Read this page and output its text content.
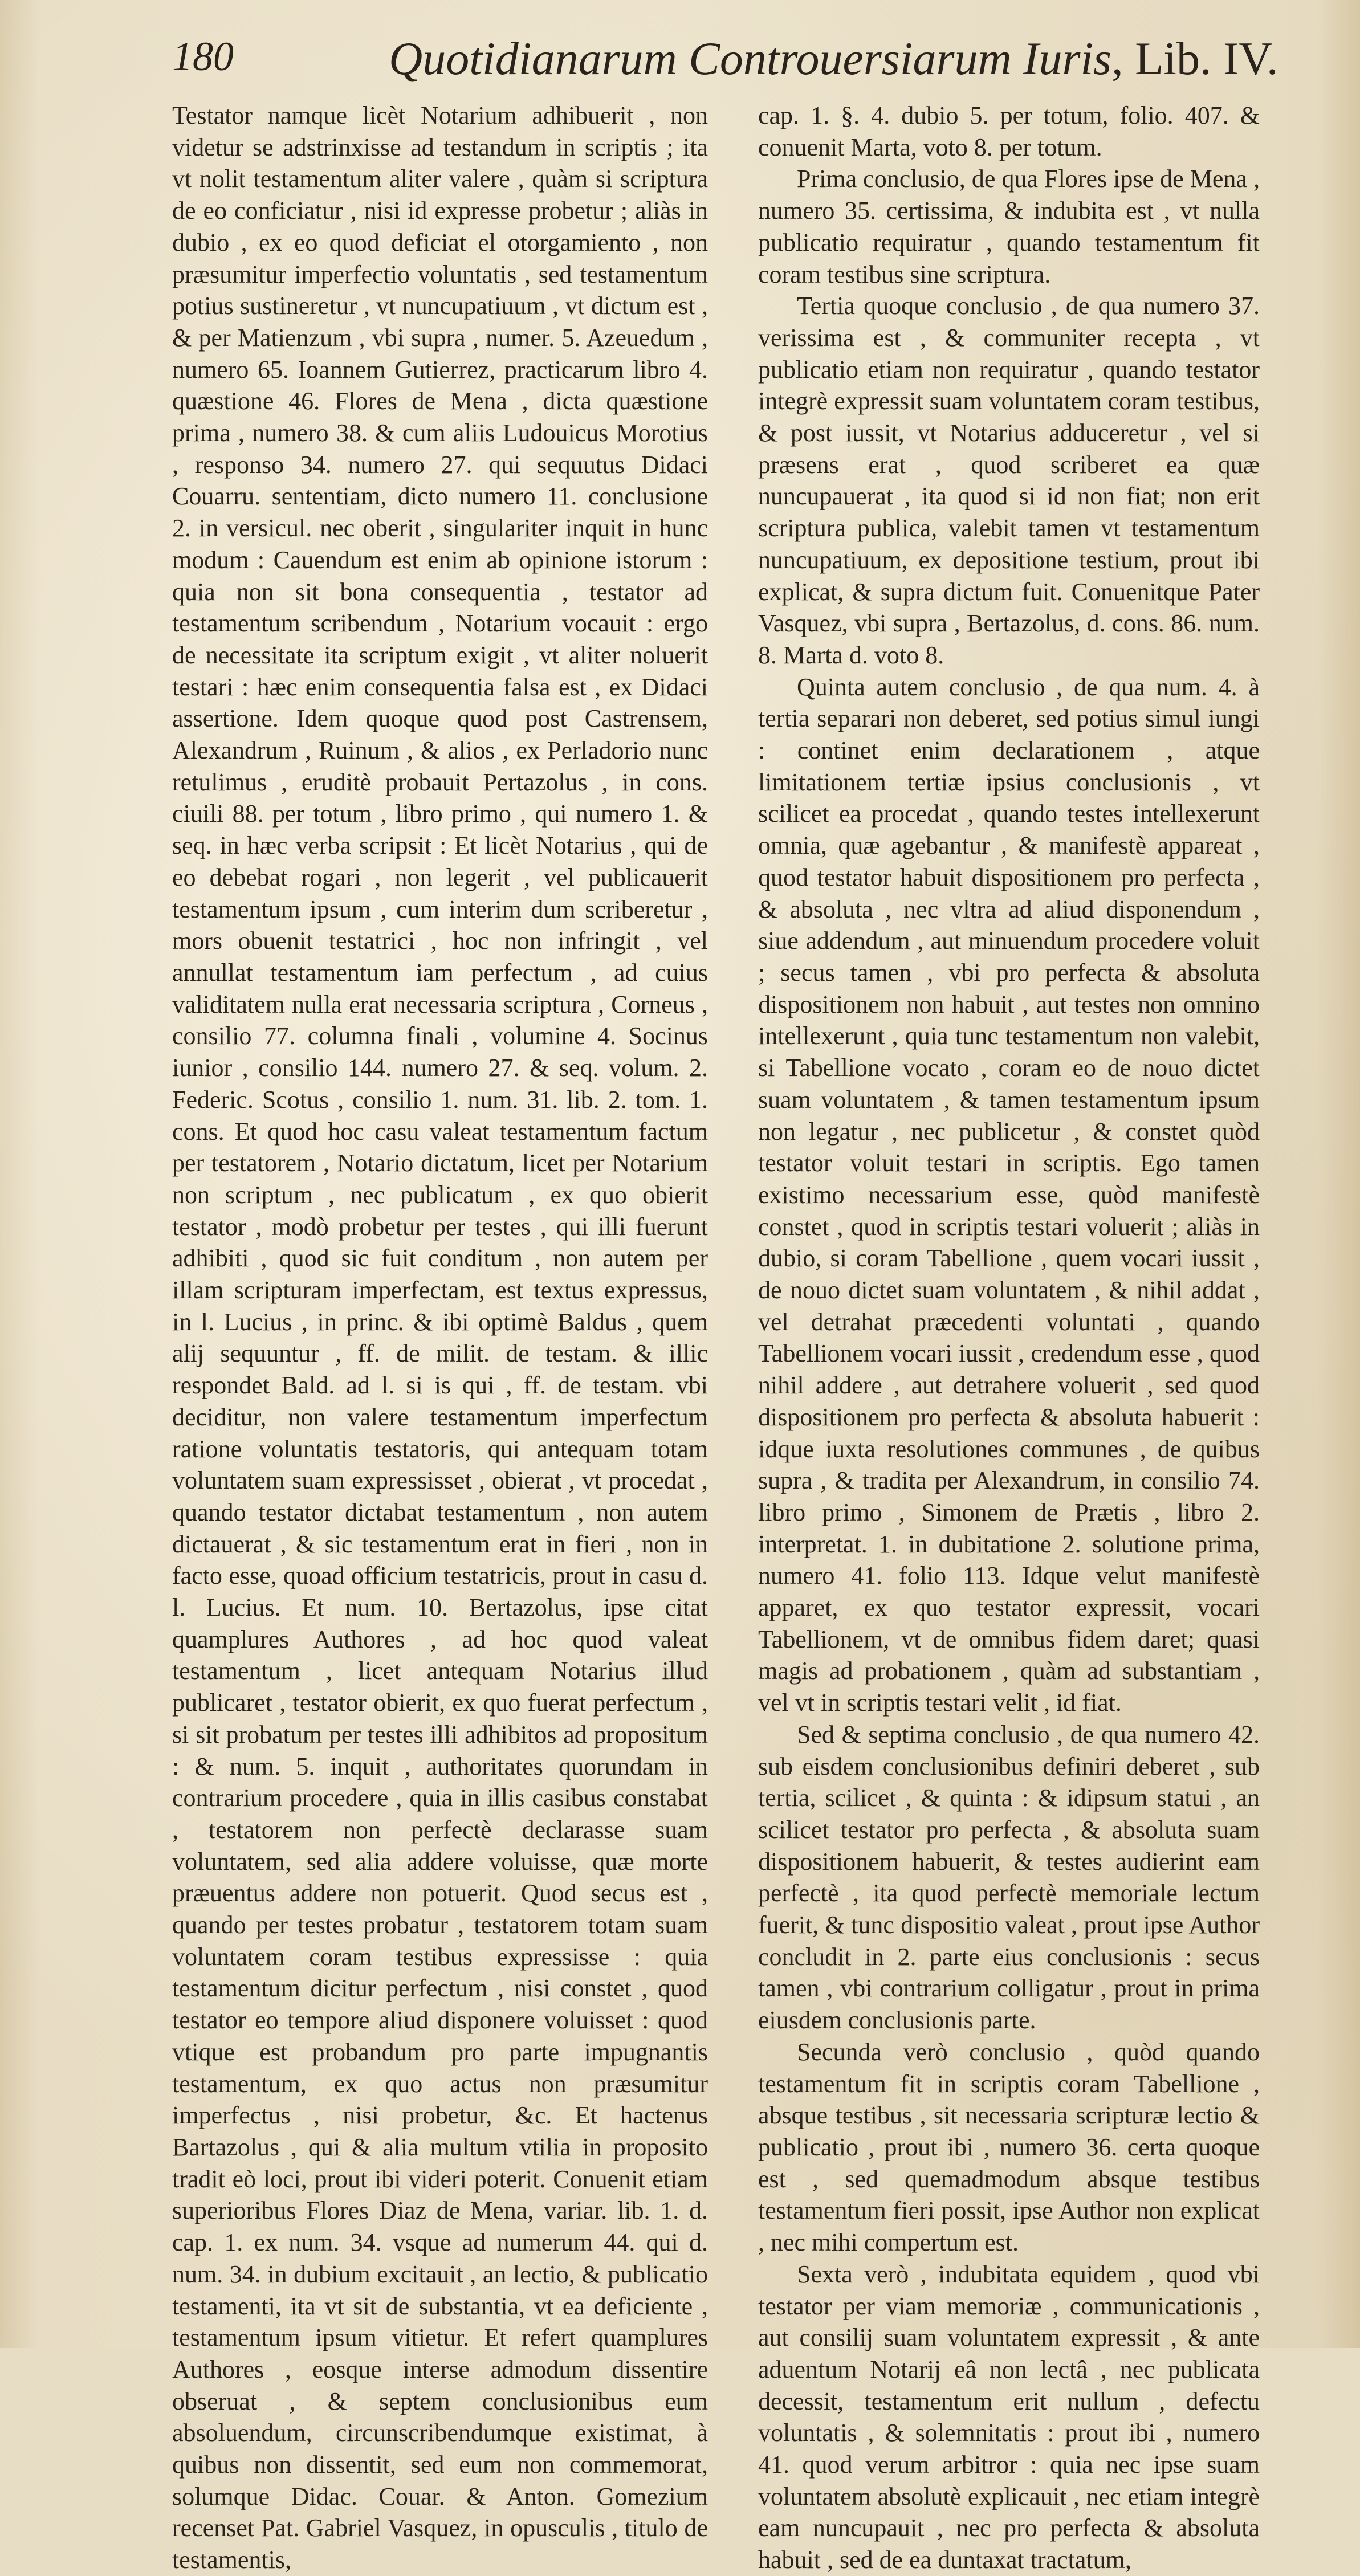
180	Quotidianarum Controuersiarum Iuris, Lib. IV.

Testator namque licèt Notarium adhibuerit , non videtur se adstrinxisse ad testandum in scriptis ; ita vt nolit testamentum aliter valere , quàm si scriptura de eo conficiatur , nisi id expresse probetur ; aliàs in dubio , ex eo quod deficiat el otorgamiento , non præsumitur imperfectio voluntatis , sed testamentum potius sustineretur , vt nuncupatiuum , vt dictum est , & per Matienzum , vbi supra , numer. 5. Azeuedum , numero 65. Ioannem Gutierrez, practicarum libro 4. quæstione 46. Flores de Mena , dicta quæstione prima , numero 38. & cum aliis Ludouicus Morotius , responso 34. numero 27. qui sequutus Didaci Couarru. sententiam, dicto numero 11. conclusione 2. in versicul. nec oberit , singulariter inquit in hunc modum : Cauendum est enim ab opinione istorum : quia non sit bona consequentia , testator ad testamentum scribendum , Notarium vocauit : ergo de necessitate ita scriptum exigit , vt aliter noluerit testari : hæc enim consequentia falsa est , ex Didaci assertione. Idem quoque quod post Castrensem, Alexandrum , Ruinum , & alios , ex Perladorio nunc retulimus , eruditè probauit Pertazolus , in cons. ciuili 88. per totum , libro primo , qui numero 1. & seq. in hæc verba scripsit : Et licèt Notarius , qui de eo debebat rogari , non legerit , vel publicauerit testamentum ipsum , cum interim dum scriberetur , mors obuenit testatrici , hoc non infringit , vel annullat testamentum iam perfectum , ad cuius validitatem nulla erat necessaria scriptura , Corneus , consilio 77. columna finali , volumine 4. Socinus iunior , consilio 144. numero 27. & seq. volum. 2. Federic. Scotus , consilio 1. num. 31. lib. 2. tom. 1. cons. Et quod hoc casu valeat testamentum factum per testatorem , Notario dictatum, licet per Notarium non scriptum , nec publicatum , ex quo obierit testator , modò probetur per testes , qui illi fuerunt adhibiti , quod sic fuit conditum , non autem per illam scripturam imperfectam, est textus expressus, in l. Lucius , in princ. & ibi optimè Baldus , quem alij sequuntur , ff. de milit. de testam. & illic respondet Bald. ad l. si is qui , ff. de testam. vbi deciditur, non valere testamentum imperfectum ratione voluntatis testatoris, qui antequam totam voluntatem suam expressisset , obierat , vt procedat , quando testator dictabat testamentum , non autem dictauerat , & sic testamentum erat in fieri , non in facto esse, quoad officium testatricis, prout in casu d. l. Lucius. Et num. 10. Bertazolus, ipse citat quamplures Authores , ad hoc quod valeat testamentum , licet antequam Notarius illud publicaret , testator obierit, ex quo fuerat perfectum , si sit probatum per testes illi adhibitos ad propositum : & num. 5. inquit , authoritates quorundam in contrarium procedere , quia in illis casibus constabat , testatorem non perfectè declarasse suam voluntatem, sed alia addere voluisse, quæ morte præuentus addere non potuerit. Quod secus est , quando per testes probatur , testatorem totam suam voluntatem coram testibus expressisse : quia testamentum dicitur perfectum , nisi constet , quod testator eo tempore aliud disponere voluisset : quod vtique est probandum pro parte impugnantis testamentum, ex quo actus non præsumitur imperfectus , nisi probetur, &c. Et hactenus Bartazolus , qui & alia multum vtilia in proposito tradit eò loci, prout ibi videri poterit. Conuenit etiam superioribus Flores Diaz de Mena, variar. lib. 1. d. cap. 1. ex num. 34. vsque ad numerum 44. qui d. num. 34. in dubium excitauit , an lectio, & publicatio testamenti, ita vt sit de substantia, vt ea deficiente , testamentum ipsum vitietur. Et refert quamplures Authores , eosque interse admodum dissentire obseruat , & septem conclusionibus eum absoluendum, circunscribendumque existimat, à quibus non dissentit, sed eum non commemorat, solumque Didac. Couar. & Anton. Gomezium recenset Pat. Gabriel Vasquez, in opusculis , titulo de testamentis,

cap. 1. §. 4. dubio 5. per totum, folio. 407. & conuenit Marta, voto 8. per totum.

Prima conclusio, de qua Flores ipse de Mena , numero 35. certissima, & indubita est , vt nulla publicatio requiratur , quando testamentum fit coram testibus sine scriptura.

Tertia quoque conclusio , de qua numero 37. verissima est , & communiter recepta , vt publicatio etiam non requiratur , quando testator integrè expressit suam voluntatem coram testibus, & post iussit, vt Notarius adduceretur , vel si præsens erat , quod scriberet ea quæ nuncupauerat , ita quod si id non fiat; non erit scriptura publica, valebit tamen vt testamentum nuncupatiuum, ex depositione testium, prout ibi explicat, & supra dictum fuit. Conuenitque Pater Vasquez, vbi supra , Bertazolus, d. cons. 86. num. 8. Marta d. voto 8.

Quinta autem conclusio , de qua num. 4. à tertia separari non deberet, sed potius simul iungi : continet enim declarationem , atque limitationem tertiæ ipsius conclusionis , vt scilicet ea procedat , quando testes intellexerunt omnia, quæ agebantur , & manifestè appareat , quod testator habuit dispositionem pro perfecta , & absoluta , nec vltra ad aliud disponendum , siue addendum , aut minuendum procedere voluit ; secus tamen , vbi pro perfecta & absoluta dispositionem non habuit , aut testes non omnino intellexerunt , quia tunc testamentum non valebit, si Tabellione vocato , coram eo de nouo dictet suam voluntatem , & tamen testamentum ipsum non legatur , nec publicetur , & constet quòd testator voluit testari in scriptis. Ego tamen existimo necessarium esse, quòd manifestè constet , quod in scriptis testari voluerit ; aliàs in dubio, si coram Tabellione , quem vocari iussit , de nouo dictet suam voluntatem , & nihil addat , vel detrahat præcedenti voluntati , quando Tabellionem vocari iussit , credendum esse , quod nihil addere , aut detrahere voluerit , sed quod dispositionem pro perfecta & absoluta habuerit : idque iuxta resolutiones communes , de quibus supra , & tradita per Alexandrum, in consilio 74. libro primo , Simonem de Prætis , libro 2. interpretat. 1. in dubitatione 2. solutione prima, numero 41. folio 113. Idque velut manifestè apparet, ex quo testator expressit, vocari Tabellionem, vt de omnibus fidem daret; quasi magis ad probationem , quàm ad substantiam , vel vt in scriptis testari velit , id fiat.

Sed & septima conclusio , de qua numero 42. sub eisdem conclusionibus definiri deberet , sub tertia, scilicet , & quinta : & idipsum statui , an scilicet testator pro perfecta , & absoluta suam dispositionem habuerit, & testes audierint eam perfectè , ita quod perfectè memoriale lectum fuerit, & tunc dispositio valeat , prout ipse Author concludit in 2. parte eius conclusionis : secus tamen , vbi contrarium colligatur , prout in prima eiusdem conclusionis parte.

Secunda verò conclusio , quòd quando testamentum fit in scriptis coram Tabellione , absque testibus , sit necessaria scripturæ lectio & publicatio , prout ibi , numero 36. certa quoque est , sed quemadmodum absque testibus testamentum fieri possit, ipse Author non explicat , nec mihi compertum est.

Sexta verò , indubitata equidem , quod vbi testator per viam memoriæ , communicationis , aut consilij suam voluntatem expressit , & ante aduentum Notarij eâ non lectâ , nec publicata decessit, testamentum erit nullum , defectu voluntatis , & solemnitatis : prout ibi , numero 41. quod verum arbitror : quia nec ipse suam voluntatem absolutè explicauit , nec etiam integrè eam nuncupauit , nec pro perfecta & absoluta habuit , sed de ea duntaxat tractatum,
